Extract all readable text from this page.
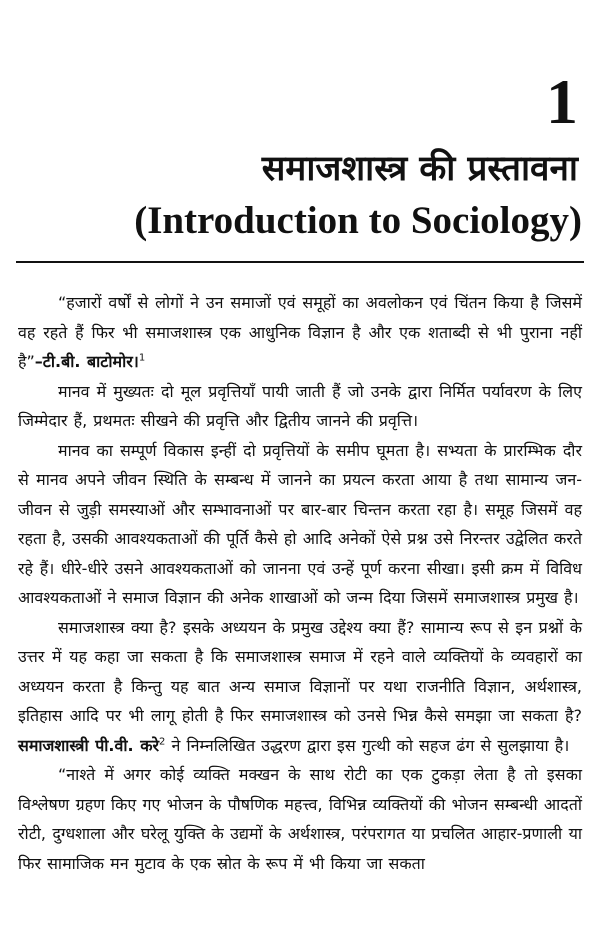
1
समाजशास्त्र की प्रस्तावना
(Introduction to Sociology)

“हजारों वर्षों से लोगों ने उन समाजों एवं समूहों का अवलोकन एवं चिंतन किया है जिसमें वह रहते हैं फिर भी समाजशास्त्र एक आधुनिक विज्ञान है और एक शताब्दी से भी पुराना नहीं है”–टी.बी. बाटोमोर।$^1$

मानव में मुख्यतः दो मूल प्रवृत्तियाँ पायी जाती हैं जो उनके द्वारा निर्मित पर्यावरण के लिए जिम्मेदार हैं, प्रथमतः सीखने की प्रवृत्ति और द्वितीय जानने की प्रवृत्ति।

मानव का सम्पूर्ण विकास इन्हीं दो प्रवृत्तियों के समीप घूमता है। सभ्यता के प्रारम्भिक दौर से मानव अपने जीवन स्थिति के सम्बन्ध में जानने का प्रयत्न करता आया है तथा सामान्य जन-जीवन से जुड़ी समस्याओं और सम्भावनाओं पर बार-बार चिन्तन करता रहा है। समूह जिसमें वह रहता है, उसकी आवश्यकताओं की पूर्ति कैसे हो आदि अनेकों ऐसे प्रश्न उसे निरन्तर उद्वेलित करते रहे हैं। धीरे-धीरे उसने आवश्यकताओं को जानना एवं उन्हें पूर्ण करना सीखा। इसी क्रम में विविध आवश्यकताओं ने समाज विज्ञान की अनेक शाखाओं को जन्म दिया जिसमें समाजशास्त्र प्रमुख है।

समाजशास्त्र क्या है? इसके अध्ययन के प्रमुख उद्देश्य क्या हैं? सामान्य रूप से इन प्रश्नों के उत्तर में यह कहा जा सकता है कि समाजशास्त्र समाज में रहने वाले व्यक्तियों के व्यवहारों का अध्ययन करता है किन्तु यह बात अन्य समाज विज्ञानों पर यथा राजनीति विज्ञान, अर्थशास्त्र, इतिहास आदि पर भी लागू होती है फिर समाजशास्त्र को उनसे भिन्न कैसे समझा जा सकता है? समाजशास्त्री पी.वी. करे$^2$ ने निम्नलिखित उद्धरण द्वारा इस गुत्थी को सहज ढंग से सुलझाया है।

“नाश्ते में अगर कोई व्यक्ति मक्खन के साथ रोटी का एक टुकड़ा लेता है तो इसका विश्लेषण ग्रहण किए गए भोजन के पौषणिक महत्त्व, विभिन्न व्यक्तियों की भोजन सम्बन्धी आदतों रोटी, दुग्धशाला और घरेलू युक्ति के उद्यमों के अर्थशास्त्र, परंपरागत या प्रचलित आहार-प्रणाली या फिर सामाजिक मन मुटाव के एक स्रोत के रूप में भी किया जा सकता
